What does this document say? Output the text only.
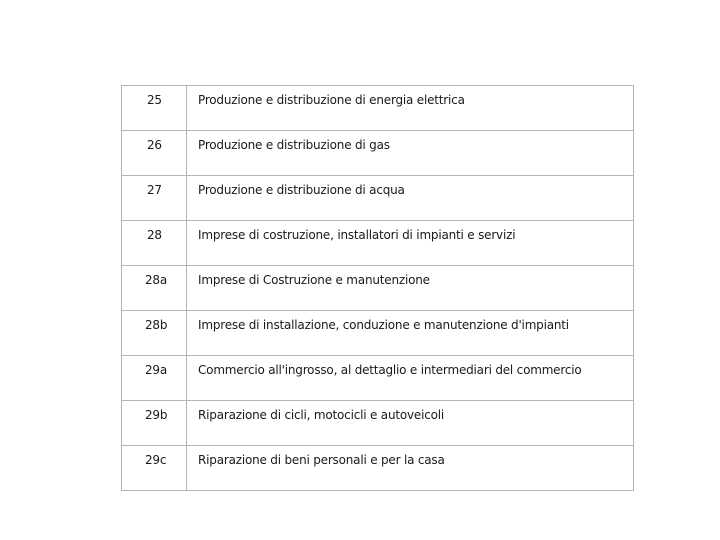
25	Produzione e distribuzione di energia elettrica
26	Produzione e distribuzione di gas
27	Produzione e distribuzione di acqua
28	Imprese di costruzione, installatori di impianti e servizi
28a	Imprese di Costruzione e manutenzione
28b	Imprese di installazione, conduzione e manutenzione d'impianti
29a	Commercio all'ingrosso, al dettaglio e intermediari del commercio
29b	Riparazione di cicli, motocicli e autoveicoli
29c	Riparazione di beni personali e per la casa
